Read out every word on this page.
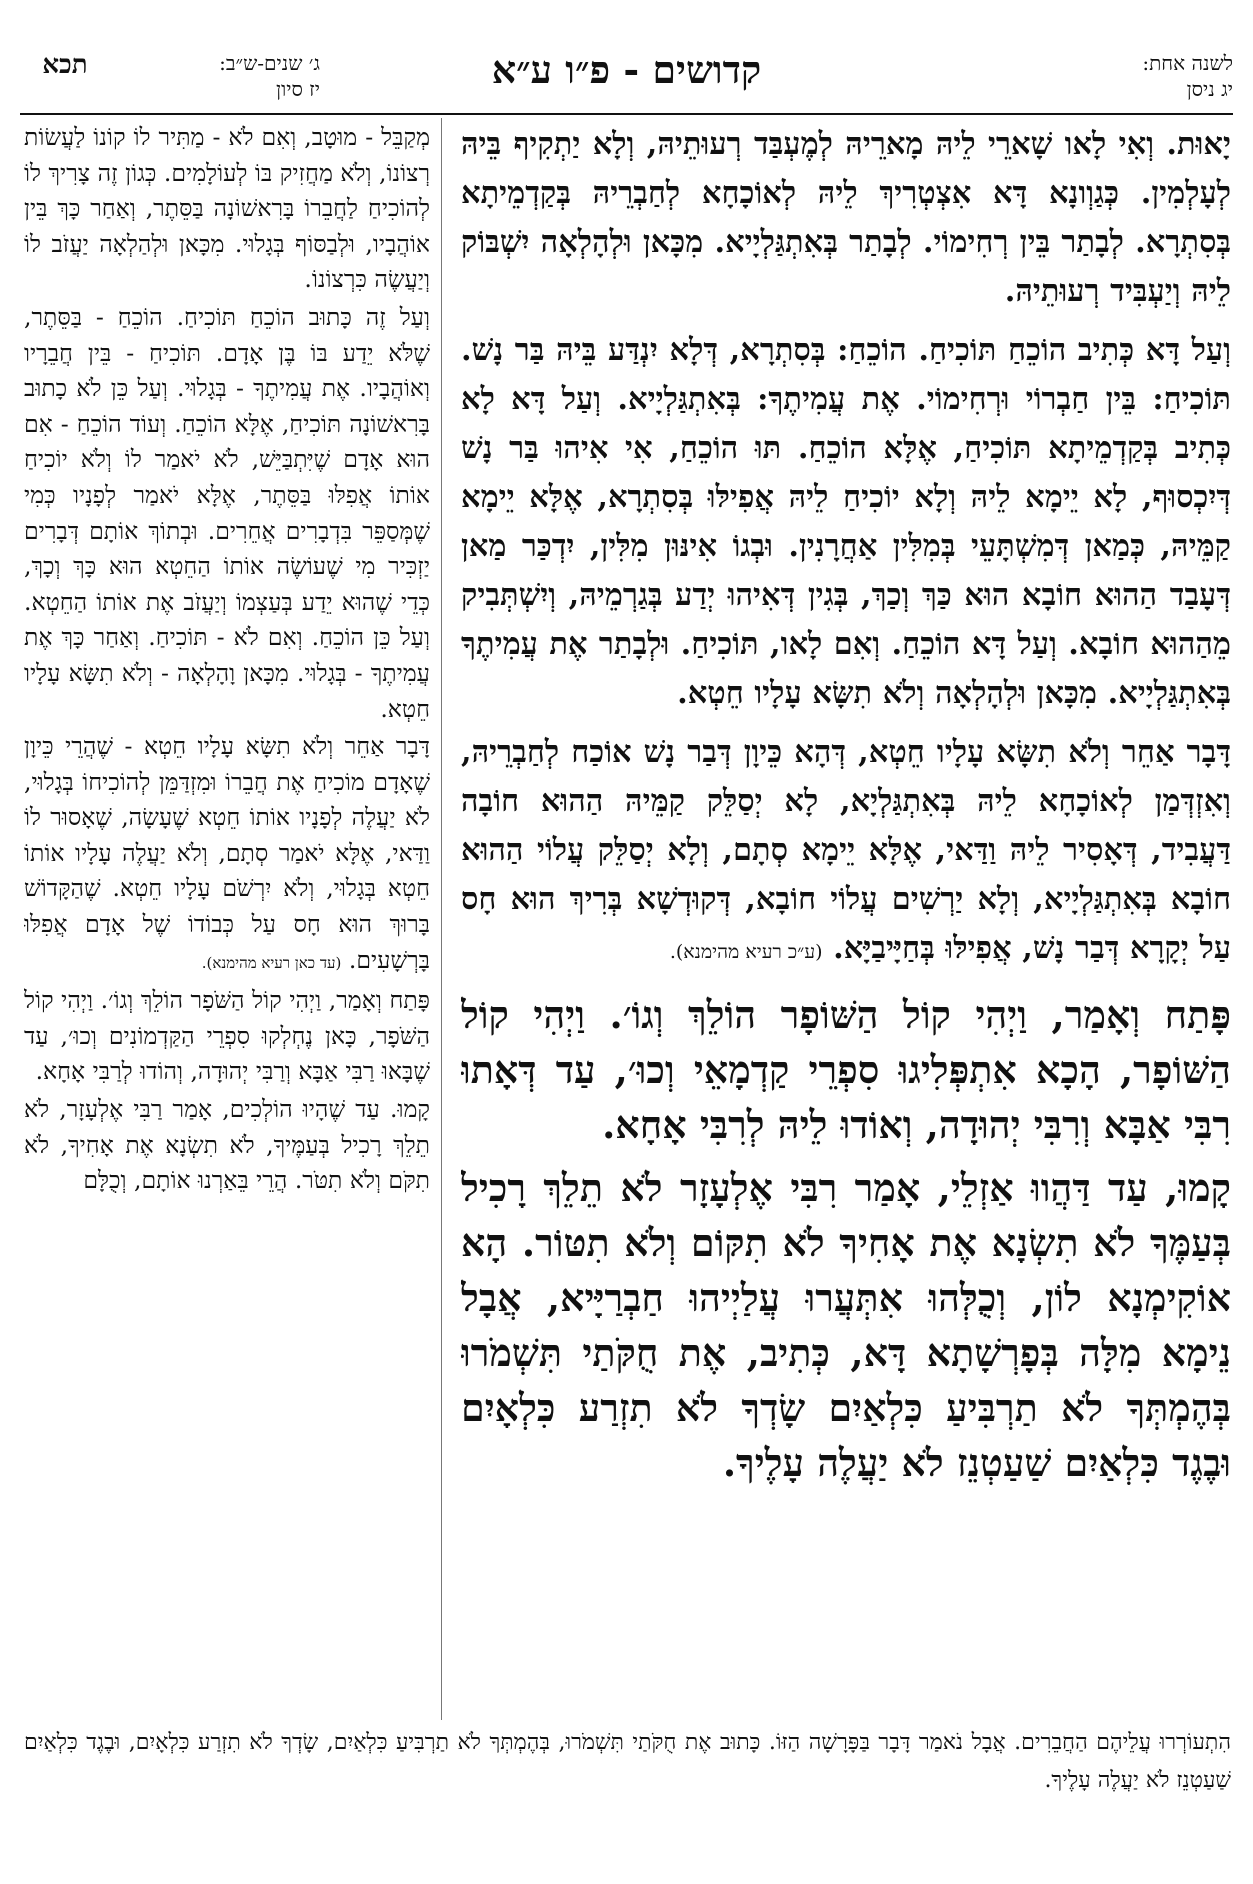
לשנה אחת:
יג ניסן
קדושים - פ״ו ע״א
ג׳ שנים-ש״ב:
יז סיון
תכא

יָאוּת. וְאִי לָאו שָׁארֵי לֵיהּ מָארֵיהּ לְמֶעְבַּד רְעוּתֵיהּ, וְלָא יַתְקִיף בֵּיהּ לְעָלְמִין. כְּגַוְונָא דָּא אִצְטְרִיךְ לֵיהּ לְאוֹכָחָא לְחַבְרֵיהּ בְּקַדְמֵיתָא בְּסִתְרָא. לְבָתַר בֵּין רְחִימוֹי. לְבָתַר בְּאִתְגַּלְיָיא. מִכָּאן וּלְהָלְאָה יִשְׁבּוֹק לֵיהּ וְיַעְבִּיד רְעוּתֵיהּ.

וְעַל דָּא כְּתִיב הוֹכֵחַ תּוֹכִיחַ. הוֹכֵחַ: בְּסִתְרָא, דְּלָא יִנְדַּע בֵּיהּ בַּר נָשׁ. תּוֹכִיחַ: בֵּין חַבְרוֹי וּרְחִימוֹי. אֶת עֲמִיתֶךָ: בְּאִתְגַּלְיָיא. וְעַל דָּא לָא כְּתִיב בְּקַדְמֵיתָא תּוֹכִיחַ, אֶלָּא הוֹכֵחַ. תּוּ הוֹכֵחַ, אִי אִיהוּ בַּר נָשׁ דְּיִכְסוּף, לָא יֵימָא לֵיהּ וְלָא יוֹכִיחַ לֵיהּ אֲפִילּוּ בְּסִתְרָא, אֶלָּא יֵימָא קַמֵּיהּ, כְּמַאן דְּמִשְׁתָּעֵי בְּמִלִּין אַחֲרָנִין. וּבְגוֹ אִינּוּן מִלִּין, יִדְכַּר מַאן דְּעָבַד הַהוּא חוֹבָא הוּא כַּךְ וְכַךְ, בְּגִין דְּאִיהוּ יְדַע בְּגַרְמֵיהּ, וְיִשְׁתְּבִיק מֵהַהוּא חוֹבָא. וְעַל דָּא הוֹכֵחַ. וְאִם לָאו, תּוֹכִיחַ. וּלְבָתַר אֶת עֲמִיתֶךָ בְּאִתְגַּלְיָיא. מִכָּאן וּלְהָלְאָה וְלֹא תִשָּׂא עָלָיו חֵטְא.

דָּבָר אַחֵר וְלֹא תִשָּׂא עָלָיו חֵטְא, דְּהָא כֵּיוָן דְּבַר נָשׁ אוֹכַח לְחַבְרֵיהּ, וְאִזְדְּמַן לְאוֹכָחָא לֵיהּ בְּאִתְגַּלְיָא, לָא יְסַלֵּק קַמֵּיהּ הַהוּא חוֹבָה דַּעֲבִיד, דְּאָסִיר לֵיהּ וַדַּאי, אֶלָּא יֵימָא סְתָם, וְלָא יְסַלֵּק עֲלוֹי הַהוּא חוֹבָא בְּאִתְגַּלְיָיא, וְלָא יַרְשִׁים עֲלוֹי חוֹבָא, דְּקוּדְשָׁא בְּרִיךְ הוּא חָס עַל יְקָרָא דְּבַר נָשׁ, אֲפִילּוּ בְּחַיָּיבַיָּא. (ע״כ רעיא מהימנא).

פָּתַח וְאָמַר, וַיְהִי קוֹל הַשּׁוֹפָר הוֹלֵךְ וְגוֹ׳. וַיְהִי קוֹל הַשּׁוֹפָר, הָכָא אִתְפְּלִיגוּ סִפְרֵי קַדְמָאֵי וְכוּ׳, עַד דְּאָתוּ רִבִּי אַבָּא וְרִבִּי יְהוּדָה, וְאוֹדוּ לֵיהּ לְרִבִּי אָחָא.

קָמוּ, עַד דַּהֲווּ אַזְלֵי, אָמַר רִבִּי אֶלְעָזָר לֹא תֵלֵךְ רָכִיל בְּעַמֶּךָ לֹא תִשְׂנָא אֶת אָחִיךָ לֹא תִקּוֹם וְלֹא תִטּוֹר. הָא אוֹקִימְנָא לוֹן, וְכֻלְּהוּ אִתְּעֲרוּ עֲלַיְיהוּ חַבְרַיָּיא, אֲבָל נֵימָא מִלָּה בְּפָרְשָׁתָא דָּא, כְּתִיב, אֶת חֻקֹּתַי תִּשְׁמֹרוּ בְּהֶמְתְּךָ לֹא תַרְבִּיעַ כִּלְאַיִם שָׂדְךָ לֹא תִזְרַע כִּלְאָיִם וּבֶגֶד כִּלְאַיִם שַׁעַטְנֵז לֹא יַעֲלֶה עָלֶיךָ.

מְקַבֵּל - מוּטָב, וְאִם לֹא - מַתִּיר לוֹ קוֹנוֹ לַעֲשׂוֹת רְצוֹנוֹ, וְלֹא מַחֲזִיק בּוֹ לְעוֹלָמִים. כְּגוֹן זֶה צָרִיךְ לוֹ לְהוֹכִיחַ לַחֲבֵרוֹ בָּרִאשׁוֹנָה בַּסֵּתֶר, וְאַחַר כָּךְ בֵּין אוֹהֲבָיו, וּלְבַסּוֹף בְּגָלוּי. מִכָּאן וּלְהַלְאָה יַעֲזֹב לוֹ וְיַעֲשֶׂה כִּרְצוֹנוֹ.

וְעַל זֶה כָּתוּב הוֹכֵחַ תּוֹכִיחַ. הוֹכֵחַ - בַּסֵּתֶר, שֶׁלֹּא יֵדַע בּוֹ בֶּן אָדָם. תּוֹכִיחַ - בֵּין חֲבֵרָיו וְאוֹהֲבָיו. אֶת עֲמִיתֶךָ - בְּגָלוּי. וְעַל כֵּן לֹא כָתוּב בָּרִאשׁוֹנָה תּוֹכִיחַ, אֶלָּא הוֹכֵחַ. וְעוֹד הוֹכֵחַ - אִם הוּא אָדָם שֶׁיִּתְבַּיֵּשׁ, לֹא יֹאמַר לוֹ וְלֹא יוֹכִיחַ אוֹתוֹ אֲפִלּוּ בַּסֵּתֶר, אֶלָּא יֹאמַר לְפָנָיו כְּמִי שֶׁמְּסַפֵּר בִּדְבָרִים אֲחֵרִים. וּבְתוֹךְ אוֹתָם דְּבָרִים יַזְכִּיר מִי שֶׁעוֹשֶׂה אוֹתוֹ הַחֵטְא הוּא כָּךְ וְכָךְ, כְּדֵי שֶׁהוּא יֵדַע בְּעַצְמוֹ וְיַעֲזֹב אֶת אוֹתוֹ הַחֵטְא. וְעַל כֵּן הוֹכֵחַ. וְאִם לֹא - תּוֹכִיחַ. וְאַחַר כָּךְ אֶת עֲמִיתֶךָ - בְּגָלוּי. מִכָּאן וָהָלְאָה - וְלֹא תִשָּׂא עָלָיו חֵטְא.

דָּבָר אַחֵר וְלֹא תִשָּׂא עָלָיו חֵטְא - שֶׁהֲרֵי כֵּיוָן שֶׁאָדָם מוֹכִיחַ אֶת חֲבֵרוֹ וּמִזְדַּמֵּן לְהוֹכִיחוֹ בְּגָלוּי, לֹא יַעֲלֶה לְפָנָיו אוֹתוֹ חֵטְא שֶׁעָשָׂה, שֶׁאָסוּר לוֹ וַדַּאי, אֶלָּא יֹאמַר סְתָם, וְלֹא יַעֲלֶה עָלָיו אוֹתוֹ חֵטְא בְּגָלוּי, וְלֹא יִרְשֹׁם עָלָיו חֵטְא. שֶׁהַקָּדוֹשׁ בָּרוּךְ הוּא חָס עַל כְּבוֹדוֹ שֶׁל אָדָם אֲפִלּוּ בָּרְשָׁעִים. (עד כאן רעיא מהימנא).

פָּתַח וְאָמַר, וַיְהִי קוֹל הַשֹּׁפָר הוֹלֵךְ וְגוֹ׳. וַיְהִי קוֹל הַשֹּׁפָר, כָּאן נֶחְלְקוּ סִפְרֵי הַקַּדְמוֹנִים וְכוּ׳, עַד שֶׁבָּאוּ רַבִּי אַבָּא וְרַבִּי יְהוּדָה, וְהוֹדוּ לְרַבִּי אָחָא.

קָמוּ. עַד שֶׁהָיוּ הוֹלְכִים, אָמַר רַבִּי אֶלְעָזָר, לֹא תֵלֵךְ רָכִיל בְּעַמֶּיךָ, לֹא תִשְׂנָא אֶת אָחִיךָ, לֹא תִקֹּם וְלֹא תִטֹּר. הֲרֵי בֵּאַרְנוּ אוֹתָם, וְכֻלָּם

הִתְעוֹרְרוּ עֲלֵיהֶם הַחֲבֵרִים. אֲבָל נֹאמַר דָּבָר בַּפָּרָשָׁה הַזּוֹ. כָּתוּב אֶת חֻקֹּתַי תִּשְׁמֹרוּ, בְּהֶמְתְּךָ לֹא תַרְבִּיעַ כִּלְאַיִם, שָׂדְךָ לֹא תִזְרַע כִּלְאָיִם, וּבֶגֶד כִּלְאַיִם שַׁעַטְנֵז לֹא יַעֲלֶה עָלֶיךָ.
